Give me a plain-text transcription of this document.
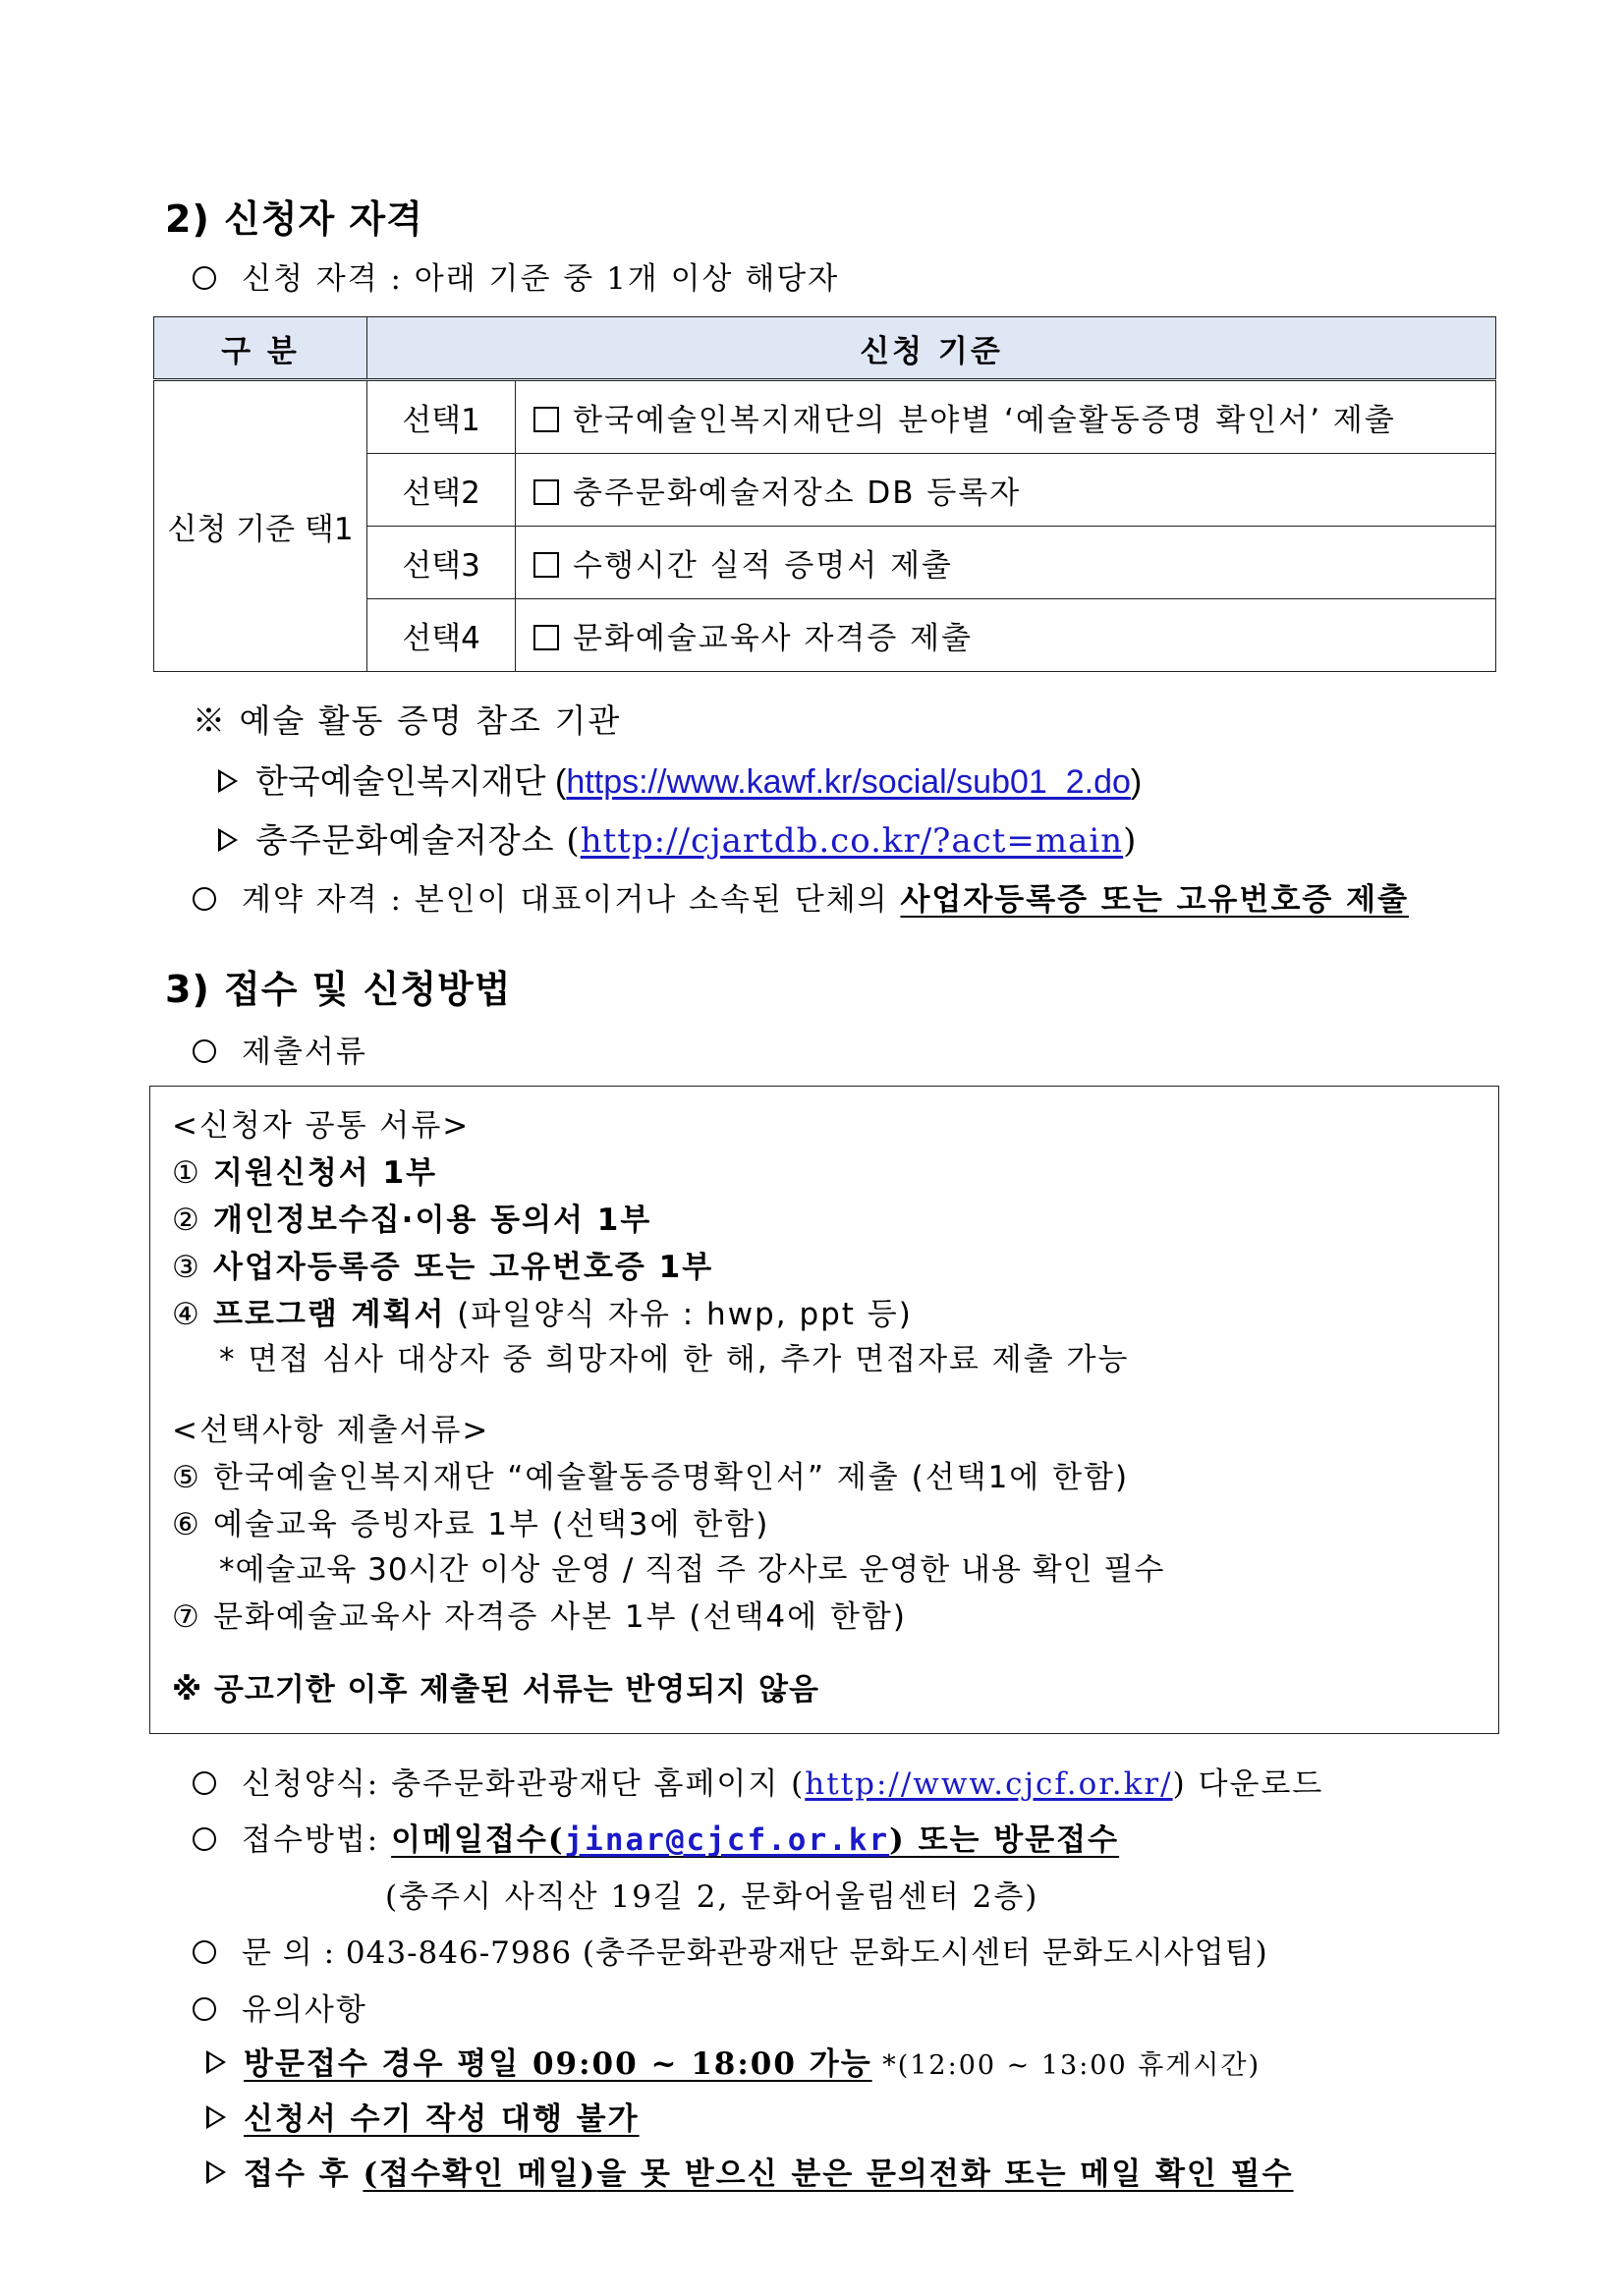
2) 신청자 자격
신청 자격 : 아래 기준 중 1개 이상 해당자
구 분	신청 기준	
신청 기준 택1	선택1	한국예술인복지재단의 분야별 ‘예술활동증명 확인서’ 제출
	선택2	충주문화예술저장소 DB 등록자
	선택3	수행시간 실적 증명서 제출
	선택4	문화예술교육사 자격증 제출
※ 예술 활동 증명 참조 기관
한국예술인복지재단 (https://www.kawf.kr/social/sub01_2.do)
충주문화예술저장소 (http://cjartdb.co.kr/?act=main)
계약 자격 : 본인이 대표이거나 소속된 단체의 사업자등록증 또는 고유번호증 제출
3) 접수 및 신청방법
제출서류
<신청자 공통 서류>
① 지원신청서 1부
② 개인정보수집·이용 동의서 1부
③ 사업자등록증 또는 고유번호증 1부
④ 프로그램 계획서 (파일양식 자유 : hwp, ppt 등)
* 면접 심사 대상자 중 희망자에 한 해, 추가 면접자료 제출 가능
<선택사항 제출서류>
⑤ 한국예술인복지재단 “예술활동증명확인서” 제출 (선택1에 한함)
⑥ 예술교육 증빙자료 1부 (선택3에 한함)
*예술교육 30시간 이상 운영 / 직접 주 강사로 운영한 내용 확인 필수
⑦ 문화예술교육사 자격증 사본 1부 (선택4에 한함)
※ 공고기한 이후 제출된 서류는 반영되지 않음
신청양식: 충주문화관광재단 홈페이지 (http://www.cjcf.or.kr/) 다운로드
접수방법: 이메일접수(jinar@cjcf.or.kr) 또는 방문접수
(충주시 사직산 19길 2, 문화어울림센터 2층)
문 의 : 043-846-7986 (충주문화관광재단 문화도시센터 문화도시사업팀)
유의사항
방문접수 경우 평일 09:00 ~ 18:00 가능 *(12:00 ~ 13:00 휴게시간)
신청서 수기 작성 대행 불가
접수 후 (접수확인 메일)을 못 받으신 분은 문의전화 또는 메일 확인 필수
